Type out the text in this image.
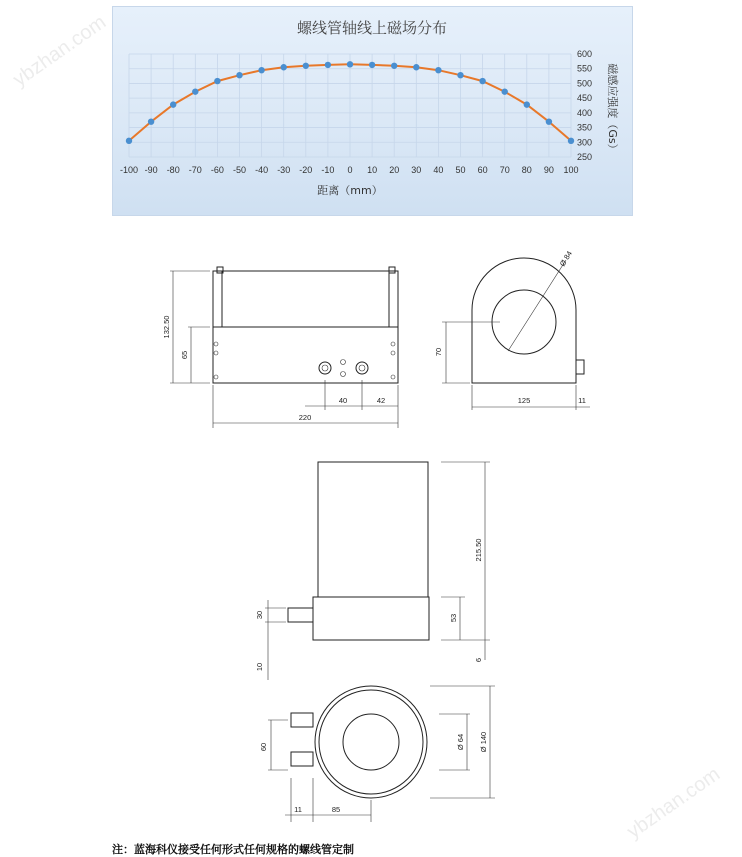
螺线管轴线上磁场分布
-100 -90 -80 -70 -60 -50 -40 -30 -20 -10 0 10 20 30 40 50 60 70 80 90 100
250
300
350
400
450
500
550
600
距离（mm）
磁感应强度（Gs）
132.50
65
40	42
220
Ø 84
70
125	11
215.50
53
30
10
6
60	Ø 64 Ø 140
11	85
ybzhan.com
ybzhan.com
注：蓝海科仪接受任何形式任何规格的螺线管定制
